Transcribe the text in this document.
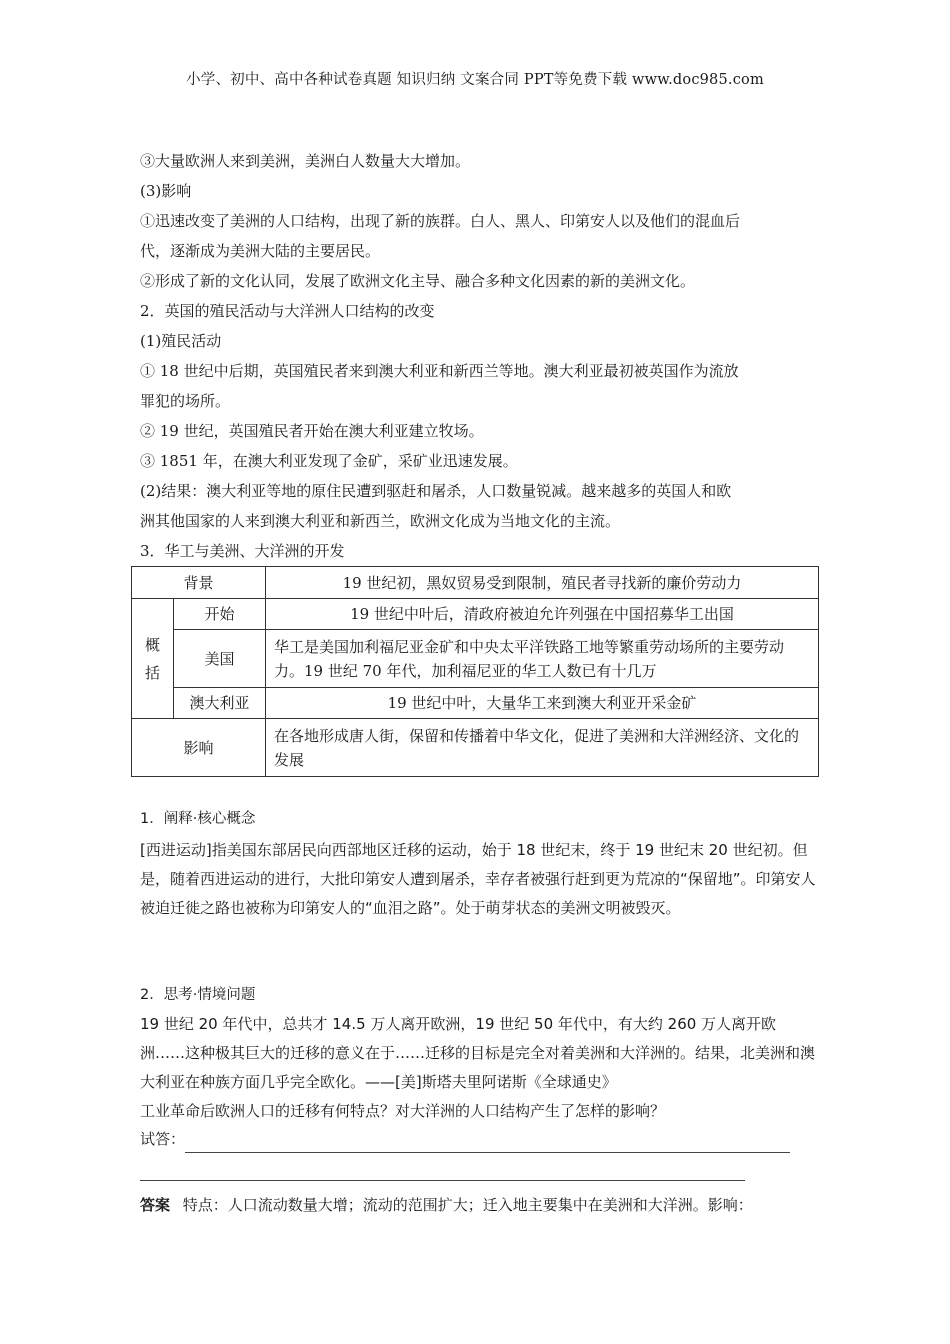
小学、初中、高中各种试卷真题 知识归纳 文案合同 PPT等免费下载 www.doc985.com
③大量欧洲人来到美洲，美洲白人数量大大增加。
(3)影响
①迅速改变了美洲的人口结构，出现了新的族群。白人、黑人、印第安人以及他们的混血后
代，逐渐成为美洲大陆的主要居民。
②形成了新的文化认同，发展了欧洲文化主导、融合多种文化因素的新的美洲文化。
2．英国的殖民活动与大洋洲人口结构的改变
(1)殖民活动
① 18 世纪中后期，英国殖民者来到澳大利亚和新西兰等地。澳大利亚最初被英国作为流放
罪犯的场所。
② 19 世纪，英国殖民者开始在澳大利亚建立牧场。
③ 1851 年，在澳大利亚发现了金矿，采矿业迅速发展。
(2)结果：澳大利亚等地的原住民遭到驱赶和屠杀，人口数量锐减。越来越多的英国人和欧
洲其他国家的人来到澳大利亚和新西兰，欧洲文化成为当地文化的主流。
3．华工与美洲、大洋洲的开发
背景		19 世纪初，黑奴贸易受到限制，殖民者寻找新的廉价劳动力
概括	开始	19 世纪中叶后，清政府被迫允许列强在中国招募华工出国
	美国	华工是美国加利福尼亚金矿和中央太平洋铁路工地等繁重劳动场所的主要劳动力。19 世纪 70 年代，加利福尼亚的华工人数已有十几万
	澳大利亚	19 世纪中叶，大量华工来到澳大利亚开采金矿
影响		在各地形成唐人街，保留和传播着中华文化，促进了美洲和大洋洲经济、文化的发展
1．阐释·核心概念
[西进运动]指美国东部居民向西部地区迁移的运动，始于 18 世纪末，终于 19 世纪末 20 世纪初。但是，随着西进运动的进行，大批印第安人遭到屠杀，幸存者被强行赶到更为荒凉的“保留地”。印第安人被迫迁徙之路也被称为印第安人的“血泪之路”。处于萌芽状态的美洲文明被毁灭。
2．思考·情境问题
19 世纪 20 年代中，总共才 14.5 万人离开欧洲，19 世纪 50 年代中，有大约 260 万人离开欧洲……这种极其巨大的迁移的意义在于……迁移的目标是完全对着美洲和大洋洲的。结果，北美洲和澳大利亚在种族方面几乎完全欧化。——[美]斯塔夫里阿诺斯《全球通史》
工业革命后欧洲人口的迁移有何特点？对大洋洲的人口结构产生了怎样的影响？
试答：
答案 特点：人口流动数量大增；流动的范围扩大；迁入地主要集中在美洲和大洋洲。影响：
